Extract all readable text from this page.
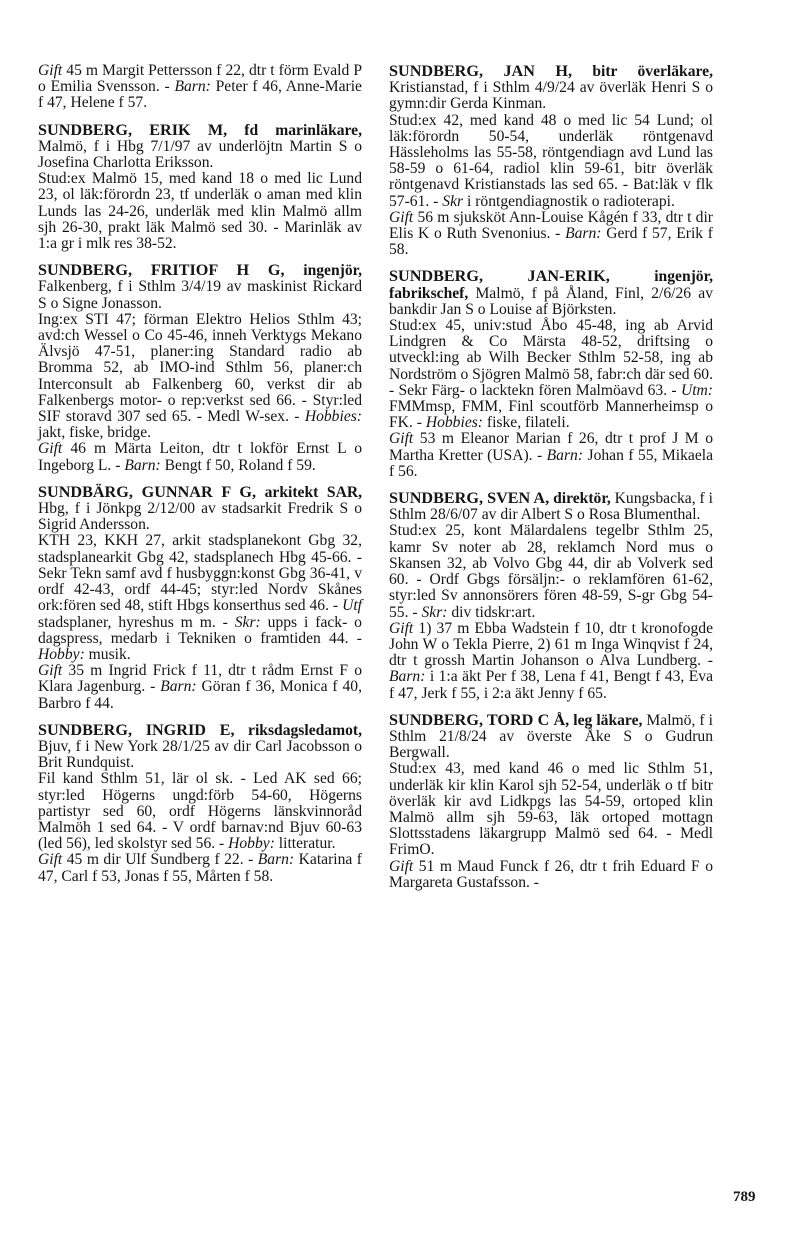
Gift 45 m Margit Pettersson f 22, dtr t förm Evald P o Emilia Svensson. - Barn: Peter f 46, Anne-Marie f 47, Helene f 57.

SUNDBERG, ERIK M, fd marinläkare, Malmö, f i Hbg 7/1/97 av underlöjtn Martin S o Josefina Charlotta Eriksson.
Stud:ex Malmö 15, med kand 18 o med lic Lund 23, ol läk:förordn 23, tf underläk o aman med klin Lunds las 24-26, underläk med klin Malmö allm sjh 26-30, prakt läk Malmö sed 30. - Marinläk av 1:a gr i mlk res 38-52.

SUNDBERG, FRITIOF H G, ingenjör, Falkenberg, f i Sthlm 3/4/19 av maskinist Rickard S o Signe Jonasson.
Ing:ex STI 47; förman Elektro Helios Sthlm 43; avd:ch Wessel o Co 45-46, inneh Verktygs Mekano Älvsjö 47-51, planer:ing Standard radio ab Bromma 52, ab IMO-ind Sthlm 56, planer:ch Interconsult ab Falkenberg 60, verkst dir ab Falkenbergs motor- o rep:verkst sed 66. - Styr:led SIF storavd 307 sed 65. - Medl W-sex. - Hobbies: jakt, fiske, bridge.

Gift 46 m Märta Leiton, dtr t lokför Ernst L o Ingeborg L. - Barn: Bengt f 50, Roland f 59.

SUNDBÄRG, GUNNAR F G, arkitekt SAR, Hbg, f i Jönkpg 2/12/00 av stadsarkit Fredrik S o Sigrid Andersson.
KTH 23, KKH 27, arkit stadsplanekont Gbg 32, stadsplanearkit Gbg 42, stadsplanech Hbg 45-66. - Sekr Tekn samf avd f husbyggn:konst Gbg 36-41, v ordf 42-43, ordf 44-45; styr:led Nordv Skånes ork:fören sed 48, stift Hbgs konserthus sed 46. - Utf stadsplaner, hyreshus m m. - Skr: upps i fack- o dagspress, medarb i Tekniken o framtiden 44. - Hobby: musik.

Gift 35 m Ingrid Frick f 11, dtr t rådm Ernst F o Klara Jagenburg. - Barn: Göran f 36, Monica f 40, Barbro f 44.

SUNDBERG, INGRID E, riksdagsledamot, Bjuv, f i New York 28/1/25 av dir Carl Jacobsson o Brit Rundquist.
Fil kand Sthlm 51, lär ol sk. - Led AK sed 66; styr:led Högerns ungd:förb 54-60, Högerns partistyr sed 60, ordf Högerns länskvinnoråd Malmöh 1 sed 64. - V ordf barnav:nd Bjuv 60-63 (led 56), led skolstyr sed 56. - Hobby: litteratur.

Gift 45 m dir Ulf Sundberg f 22. - Barn: Katarina f 47, Carl f 53, Jonas f 55, Mårten f 58.

SUNDBERG, JAN H, bitr överläkare, Kristianstad, f i Sthlm 4/9/24 av överläk Henri S o gymn:dir Gerda Kinman.
Stud:ex 42, med kand 48 o med lic 54 Lund; ol läk:förordn 50-54, underläk röntgenavd Hässleholms las 55-58, röntgendiagn avd Lund las 58-59 o 61-64, radiol klin 59-61, bitr överläk röntgenavd Kristianstads las sed 65. - Bat:läk v flk 57-61. - Skr i röntgendiagnostik o radioterapi.

Gift 56 m sjuksköt Ann-Louise Kågén f 33, dtr t dir Elis K o Ruth Svenonius. - Barn: Gerd f 57, Erik f 58.

SUNDBERG, JAN-ERIK, ingenjör, fabrikschef, Malmö, f på Åland, Finl, 2/6/26 av bankdir Jan S o Louise af Björksten.
Stud:ex 45, univ:stud Åbo 45-48, ing ab Arvid Lindgren & Co Märsta 48-52, driftsing o utveckl:ing ab Wilh Becker Sthlm 52-58, ing ab Nordström o Sjögren Malmö 58, fabr:ch där sed 60. - Sekr Färg- o lacktekn fören Malmöavd 63. - Utm: FMMmsp, FMM, Finl scoutförb Mannerheimsp o FK. - Hobbies: fiske, filateli.

Gift 53 m Eleanor Marian f 26, dtr t prof J M o Martha Kretter (USA). - Barn: Johan f 55, Mikaela f 56.

SUNDBERG, SVEN A, direktör, Kungsbacka, f i Sthlm 28/6/07 av dir Albert S o Rosa Blumenthal.
Stud:ex 25, kont Mälardalens tegelbr Sthlm 25, kamr Sv noter ab 28, reklamch Nord mus o Skansen 32, ab Volvo Gbg 44, dir ab Volverk sed 60. - Ordf Gbgs försäljn:- o reklamfören 61-62, styr:led Sv annonsörers fören 48-59, S-gr Gbg 54-55. - Skr: div tidskr:art.

Gift 1) 37 m Ebba Wadstein f 10, dtr t kronofogde John W o Tekla Pierre, 2) 61 m Inga Winqvist f 24, dtr t grossh Martin Johanson o Alva Lundberg. - Barn: i 1:a äkt Per f 38, Lena f 41, Bengt f 43, Eva f 47, Jerk f 55, i 2:a äkt Jenny f 65.

SUNDBERG, TORD C Å, leg läkare, Malmö, f i Sthlm 21/8/24 av överste Åke S o Gudrun Bergwall.
Stud:ex 43, med kand 46 o med lic Sthlm 51, underläk kir klin Karol sjh 52-54, underläk o tf bitr överläk kir avd Lidkpgs las 54-59, ortoped klin Malmö allm sjh 59-63, läk ortoped mottagn Slottsstadens läkargrupp Malmö sed 64. - Medl FrimO.

Gift 51 m Maud Funck f 26, dtr t frih Eduard F o Margareta Gustafsson. -

789
